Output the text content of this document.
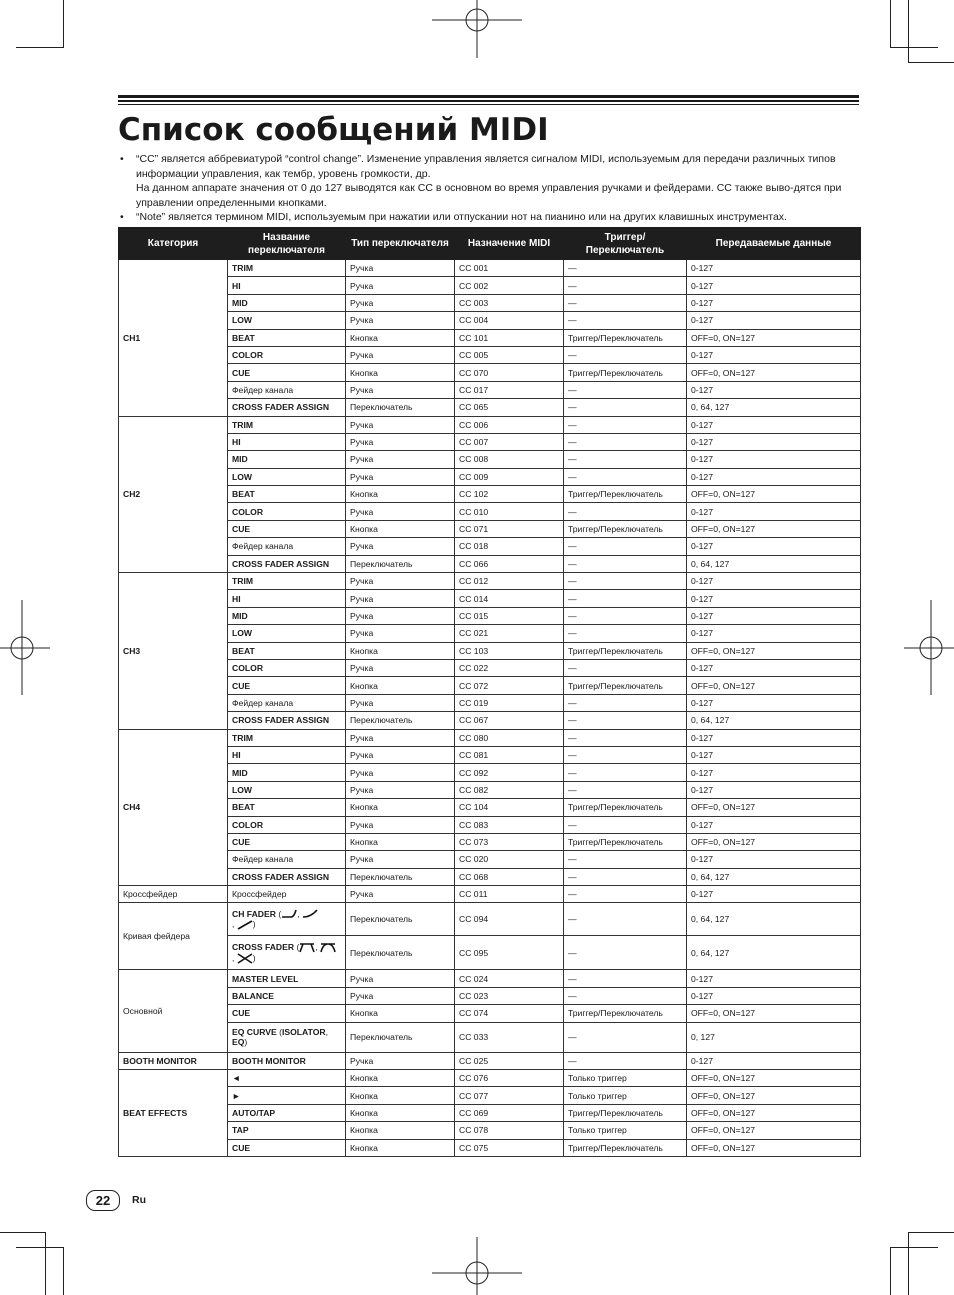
Список сообщений MIDI
• “CC” является аббревиатурой “control change”. Изменение управления является сигналом MIDI, используемым для передачи различных типов информации управления, как тембр, уровень громкости, др.
На данном аппарате значения от 0 до 127 выводятся как CC в основном во время управления ручками и фейдерами. CC также выво-дятся при управлении определенными кнопками.
• “Note” является термином MIDI, используемым при нажатии или отпускании нот на пианино или на других клавишных инструментах.
Категория	Название переключателя	Тип переключателя	Назначение MIDI	Триггер/ Переключатель	Передаваемые данные
CH1	TRIM	Ручка	CC 001	—	0-127
	HI	Ручка	CC 002	—	0-127
	MID	Ручка	CC 003	—	0-127
	LOW	Ручка	CC 004	—	0-127
	BEAT	Кнопка	CC 101	Триггер/Переключатель	OFF=0, ON=127
	COLOR	Ручка	CC 005	—	0-127
	CUE	Кнопка	CC 070	Триггер/Переключатель	OFF=0, ON=127
	Фейдер канала	Ручка	CC 017	—	0-127
	CROSS FADER ASSIGN	Переключатель	CC 065	—	0, 64, 127
CH2	TRIM	Ручка	CC 006	—	0-127
	HI	Ручка	CC 007	—	0-127
	MID	Ручка	CC 008	—	0-127
	LOW	Ручка	CC 009	—	0-127
	BEAT	Кнопка	CC 102	Триггер/Переключатель	OFF=0, ON=127
	COLOR	Ручка	CC 010	—	0-127
	CUE	Кнопка	CC 071	Триггер/Переключатель	OFF=0, ON=127
	Фейдер канала	Ручка	CC 018	—	0-127
	CROSS FADER ASSIGN	Переключатель	CC 066	—	0, 64, 127
CH3	TRIM	Ручка	CC 012	—	0-127
	HI	Ручка	CC 014	—	0-127
	MID	Ручка	CC 015	—	0-127
	LOW	Ручка	CC 021	—	0-127
	BEAT	Кнопка	CC 103	Триггер/Переключатель	OFF=0, ON=127
	COLOR	Ручка	CC 022	—	0-127
	CUE	Кнопка	CC 072	Триггер/Переключатель	OFF=0, ON=127
	Фейдер канала	Ручка	CC 019	—	0-127
	CROSS FADER ASSIGN	Переключатель	CC 067	—	0, 64, 127
CH4	TRIM	Ручка	CC 080	—	0-127
	HI	Ручка	CC 081	—	0-127
	MID	Ручка	CC 092	—	0-127
	LOW	Ручка	CC 082	—	0-127
	BEAT	Кнопка	CC 104	Триггер/Переключатель	OFF=0, ON=127
	COLOR	Ручка	CC 083	—	0-127
	CUE	Кнопка	CC 073	Триггер/Переключатель	OFF=0, ON=127
	Фейдер канала	Ручка	CC 020	—	0-127
	CROSS FADER ASSIGN	Переключатель	CC 068	—	0, 64, 127
Кроссфейдер	Кроссфейдер	Ручка	CC 011	—	0-127
Кривая фейдера	CH FADER ( ,
, )	Переключатель	CC 094	—	0, 64, 127
	CROSS FADER ( ,
, )	Переключатель	CC 095	—	0, 64, 127
Основной	MASTER LEVEL	Ручка	CC 024	—	0-127
	BALANCE	Ручка	CC 023	—	0-127
	CUE	Кнопка	CC 074	Триггер/Переключатель	OFF=0, ON=127
	EQ CURVE (ISOLATOR,
EQ)	Переключатель	CC 033	—	0, 127
BOOTH MONITOR	BOOTH MONITOR	Ручка	CC 025	—	0-127
BEAT EFFECTS	◄	Кнопка	CC 076	Только триггер	OFF=0, ON=127
	►	Кнопка	CC 077	Только триггер	OFF=0, ON=127
	AUTO/TAP	Кнопка	CC 069	Триггер/Переключатель	OFF=0, ON=127
	TAP	Кнопка	CC 078	Только триггер	OFF=0, ON=127
	CUE	Кнопка	CC 075	Триггер/Переключатель	OFF=0, ON=127
22	Ru
